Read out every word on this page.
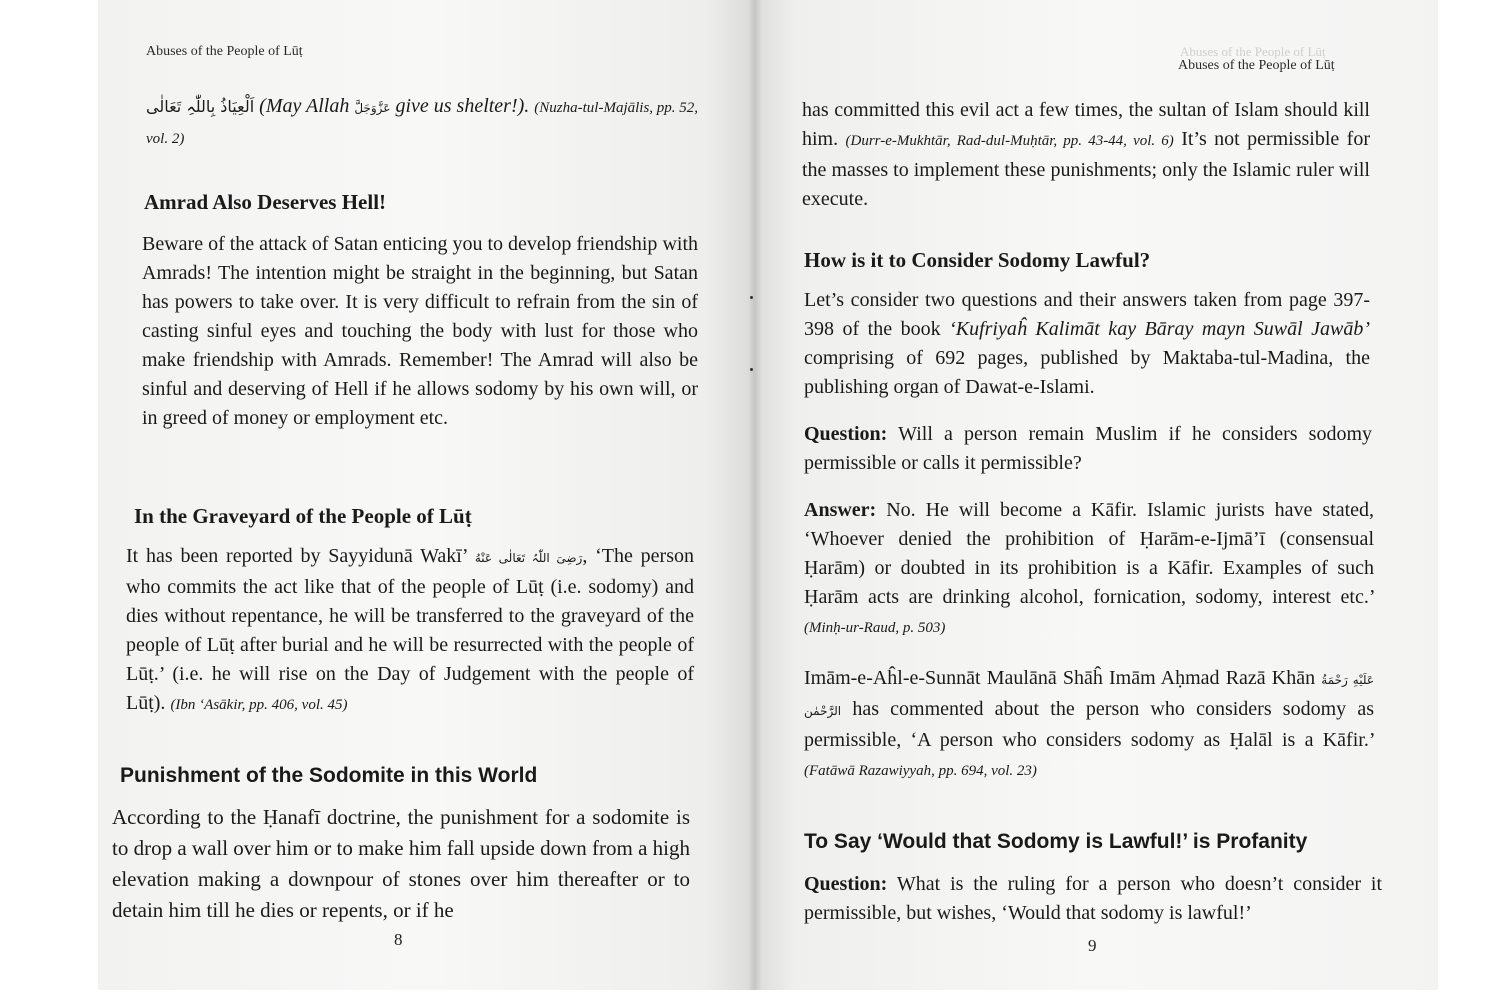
Abuses of the People of Lūṭ

اَلْعِيَاذُ بِاللّٰہِ تَعَالٰی (May Allah عَزَّوَجَلَّ give us shelter!). (Nuzha-tul-Majālis, pp. 52, vol. 2)

Amrad Also Deserves Hell!

Beware of the attack of Satan enticing you to develop friendship with Amrads! The intention might be straight in the beginning, but Satan has powers to take over. It is very difficult to refrain from the sin of casting sinful eyes and touching the body with lust for those who make friendship with Amrads. Remember! The Amrad will also be sinful and deserving of Hell if he allows sodomy by his own will, or in greed of money or employment etc.

In the Graveyard of the People of Lūṭ

It has been reported by Sayyidunā Wakī’ رَضِیَ اللّٰہُ تَعَالٰی عَنْهُ, ‘The person who commits the act like that of the people of Lūṭ (i.e. sodomy) and dies without repentance, he will be transferred to the graveyard of the people of Lūṭ after burial and he will be resurrected with the people of Lūṭ.’ (i.e. he will rise on the Day of Judgement with the people of Lūṭ). (Ibn ‘Asākir, pp. 406, vol. 45)

Punishment of the Sodomite in this World

According to the Ḥanafī doctrine, the punishment for a sodomite is to drop a wall over him or to make him fall upside down from a high elevation making a downpour of stones over him thereafter or to detain him till he dies or repents, or if he

8
Abuses of the People of Lūṭ
Abuses of the People of Lūṭ

has committed this evil act a few times, the sultan of Islam should kill him. (Durr-e-Mukhtār, Rad-dul-Muḥtār, pp. 43-44, vol. 6) It’s not permissible for the masses to implement these punishments; only the Islamic ruler will execute.

How is it to Consider Sodomy Lawful?

Let’s consider two questions and their answers taken from page 397-398 of the book ‘Kufriyaĥ Kalimāt kay Bāray mayn Suwāl Jawāb’ comprising of 692 pages, published by Maktaba-tul-Madina, the publishing organ of Dawat-e-Islami.

Question: Will a person remain Muslim if he considers sodomy permissible or calls it permissible?

Answer: No. He will become a Kāfir. Islamic jurists have stated, ‘Whoever denied the prohibition of Ḥarām-e-Ijmā’ī (consensual Ḥarām) or doubted in its prohibition is a Kāfir. Examples of such Ḥarām acts are drinking alcohol, fornication, sodomy, interest etc.’ (Minḥ-ur-Raud, p. 503)

Imām-e-Aĥl-e-Sunnāt Maulānā Shāĥ Imām Aḥmad Razā Khān عَلَيْهِ رَحْمَةُ الرَّحْمٰن has commented about the person who considers sodomy as permissible, ‘A person who considers sodomy as Ḥalāl is a Kāfir.’ (Fatāwā Razawiyyah, pp. 694, vol. 23)

To Say ‘Would that Sodomy is Lawful!’ is Profanity

Question: What is the ruling for a person who doesn’t consider it permissible, but wishes, ‘Would that sodomy is lawful!’

9
